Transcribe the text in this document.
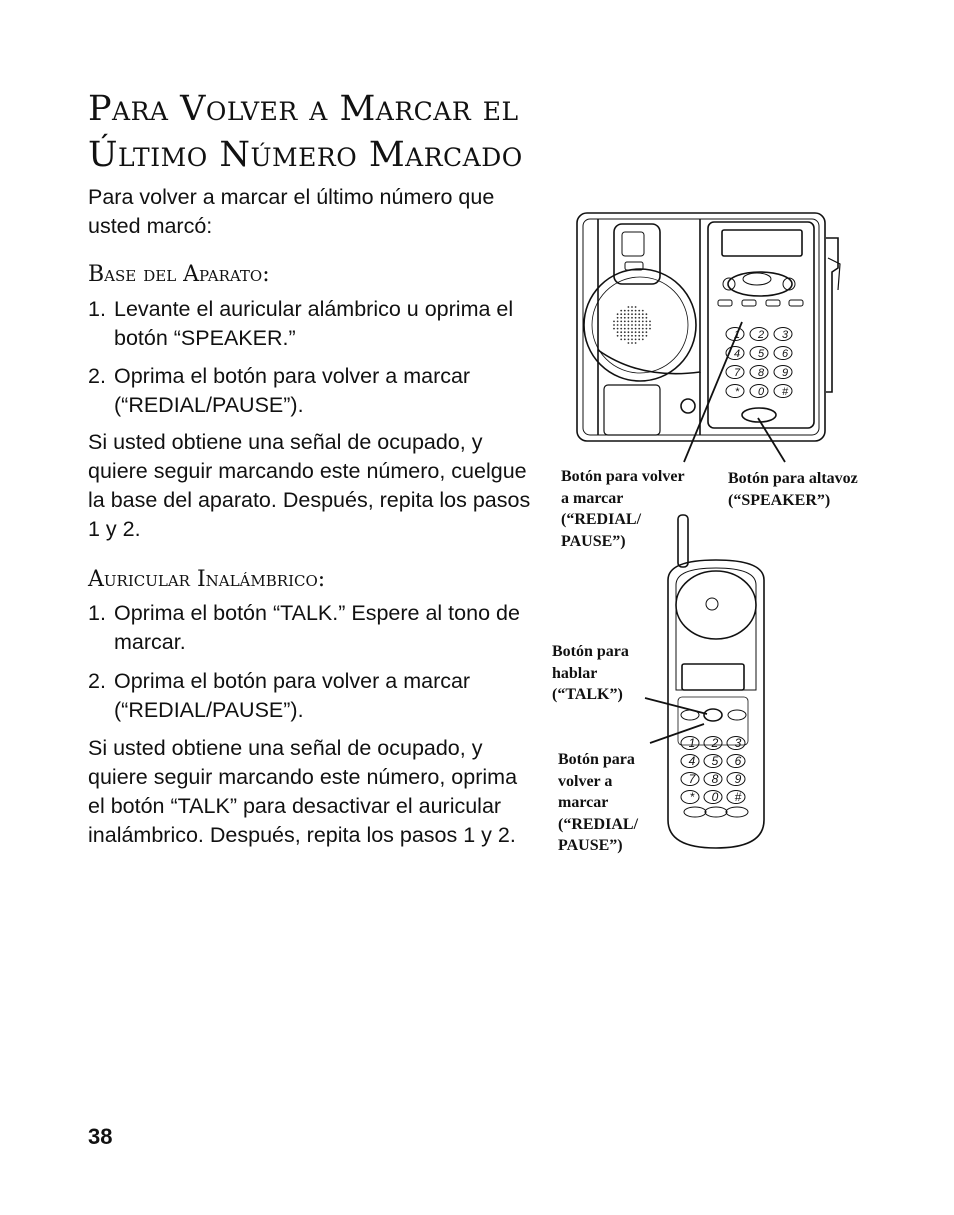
Para Volver a Marcar el
Último Número Marcado
Para volver a marcar el último número que usted marcó:
Base del Aparato:
1. Levante el auricular alámbrico u oprima el botón “SPEAKER.”
2. Oprima el botón para volver a marcar (“REDIAL/PAUSE”).
Si usted obtiene una señal de ocupado, y quiere seguir marcando este número, cuelgue la base del aparato. Después, repita los pasos 1 y 2.
Auricular Inalámbrico:
1. Oprima el botón “TALK.” Espere al tono de marcar.
2. Oprima el botón para volver a marcar (“REDIAL/PAUSE”).
Si usted obtiene una señal de ocupado, y quiere seguir marcando este número, oprima el botón “TALK” para desactivar el auricular inalámbrico. Después, repita los pasos 1 y 2.
1 2 3
4 5 6
7 8 9
* 0 #
1 2 3
4 5 6
7 8 9
* 0 #
Botón para volver a marcar (“REDIAL/ PAUSE”)
Botón para altavoz (“SPEAKER”)
Botón para hablar (“TALK”)
Botón para volver a marcar (“REDIAL/ PAUSE”)
38
